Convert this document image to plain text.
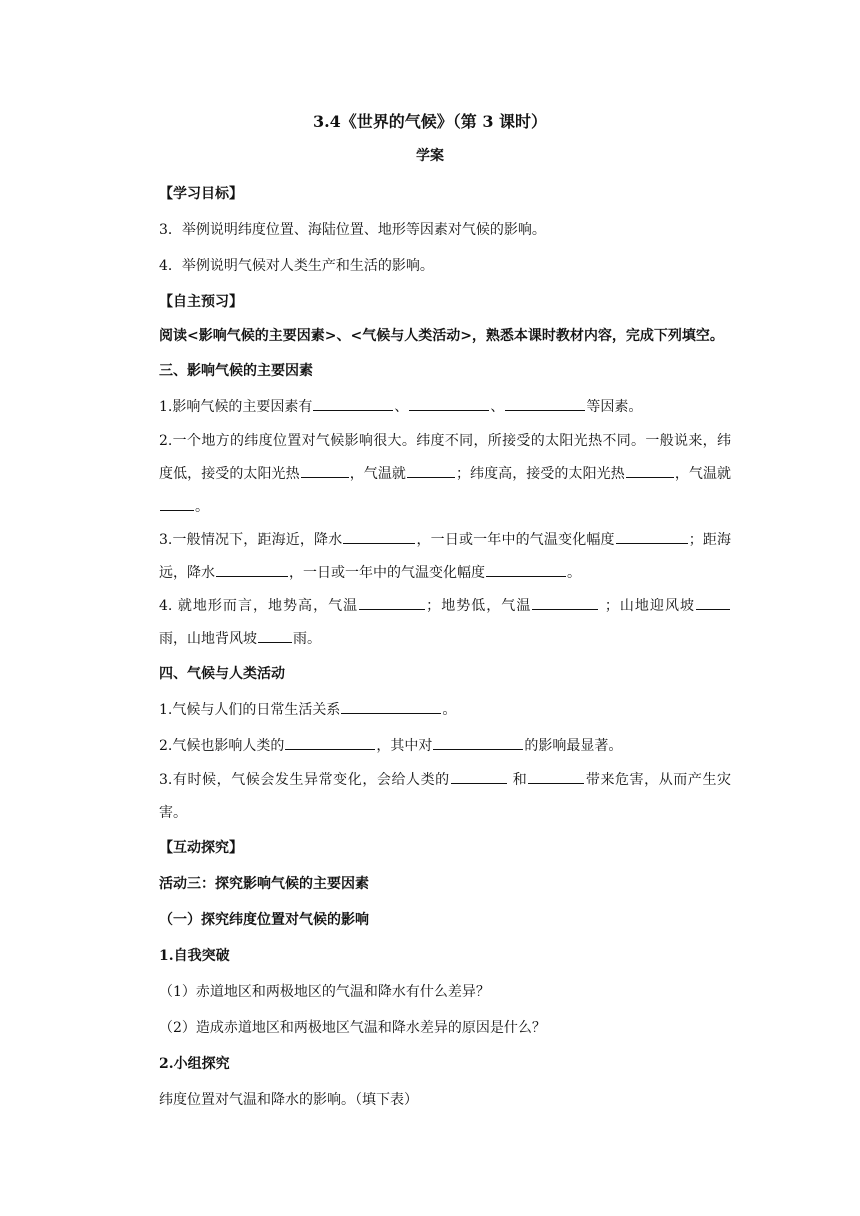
3.4《世界的气候》（第 3 课时）
学案

【学习目标】

3．举例说明纬度位置、海陆位置、地形等因素对气候的影响。

4．举例说明气候对人类生产和生活的影响。

【自主预习】

阅读<影响气候的主要因素>、<气候与人类活动>，熟悉本课时教材内容，完成下列填空。

三、影响气候的主要因素

1.影响气候的主要因素有	、	、	等因素。

2.一个地方的纬度位置对气候影响很大。纬度不同，所接受的太阳光热不同。一般说来，纬度低，接受的太阳光热	，气温就	；纬度高，接受的太阳光热	，气温就。

3.一般情况下，距海近，降水	，一日或一年中的气温变化幅度	；距海远，降水	，一日或一年中的气温变化幅度	。

4. 就地形而言，地势高，气温	；地势低，气温	；山地迎风坡雨，山地背风坡	雨。

四、气候与人类活动

1.气候与人们的日常生活关系	。

2.气候也影响人类的	，其中对	的影响最显著。

3.有时候，气候会发生异常变化，会给人类的	和	带来危害，从而产生灾害。

【互动探究】

活动三：探究影响气候的主要因素

（一）探究纬度位置对气候的影响

1.自我突破

（1）赤道地区和两极地区的气温和降水有什么差异？

（2）造成赤道地区和两极地区气温和降水差异的原因是什么？

2.小组探究

纬度位置对气温和降水的影响。（填下表）
